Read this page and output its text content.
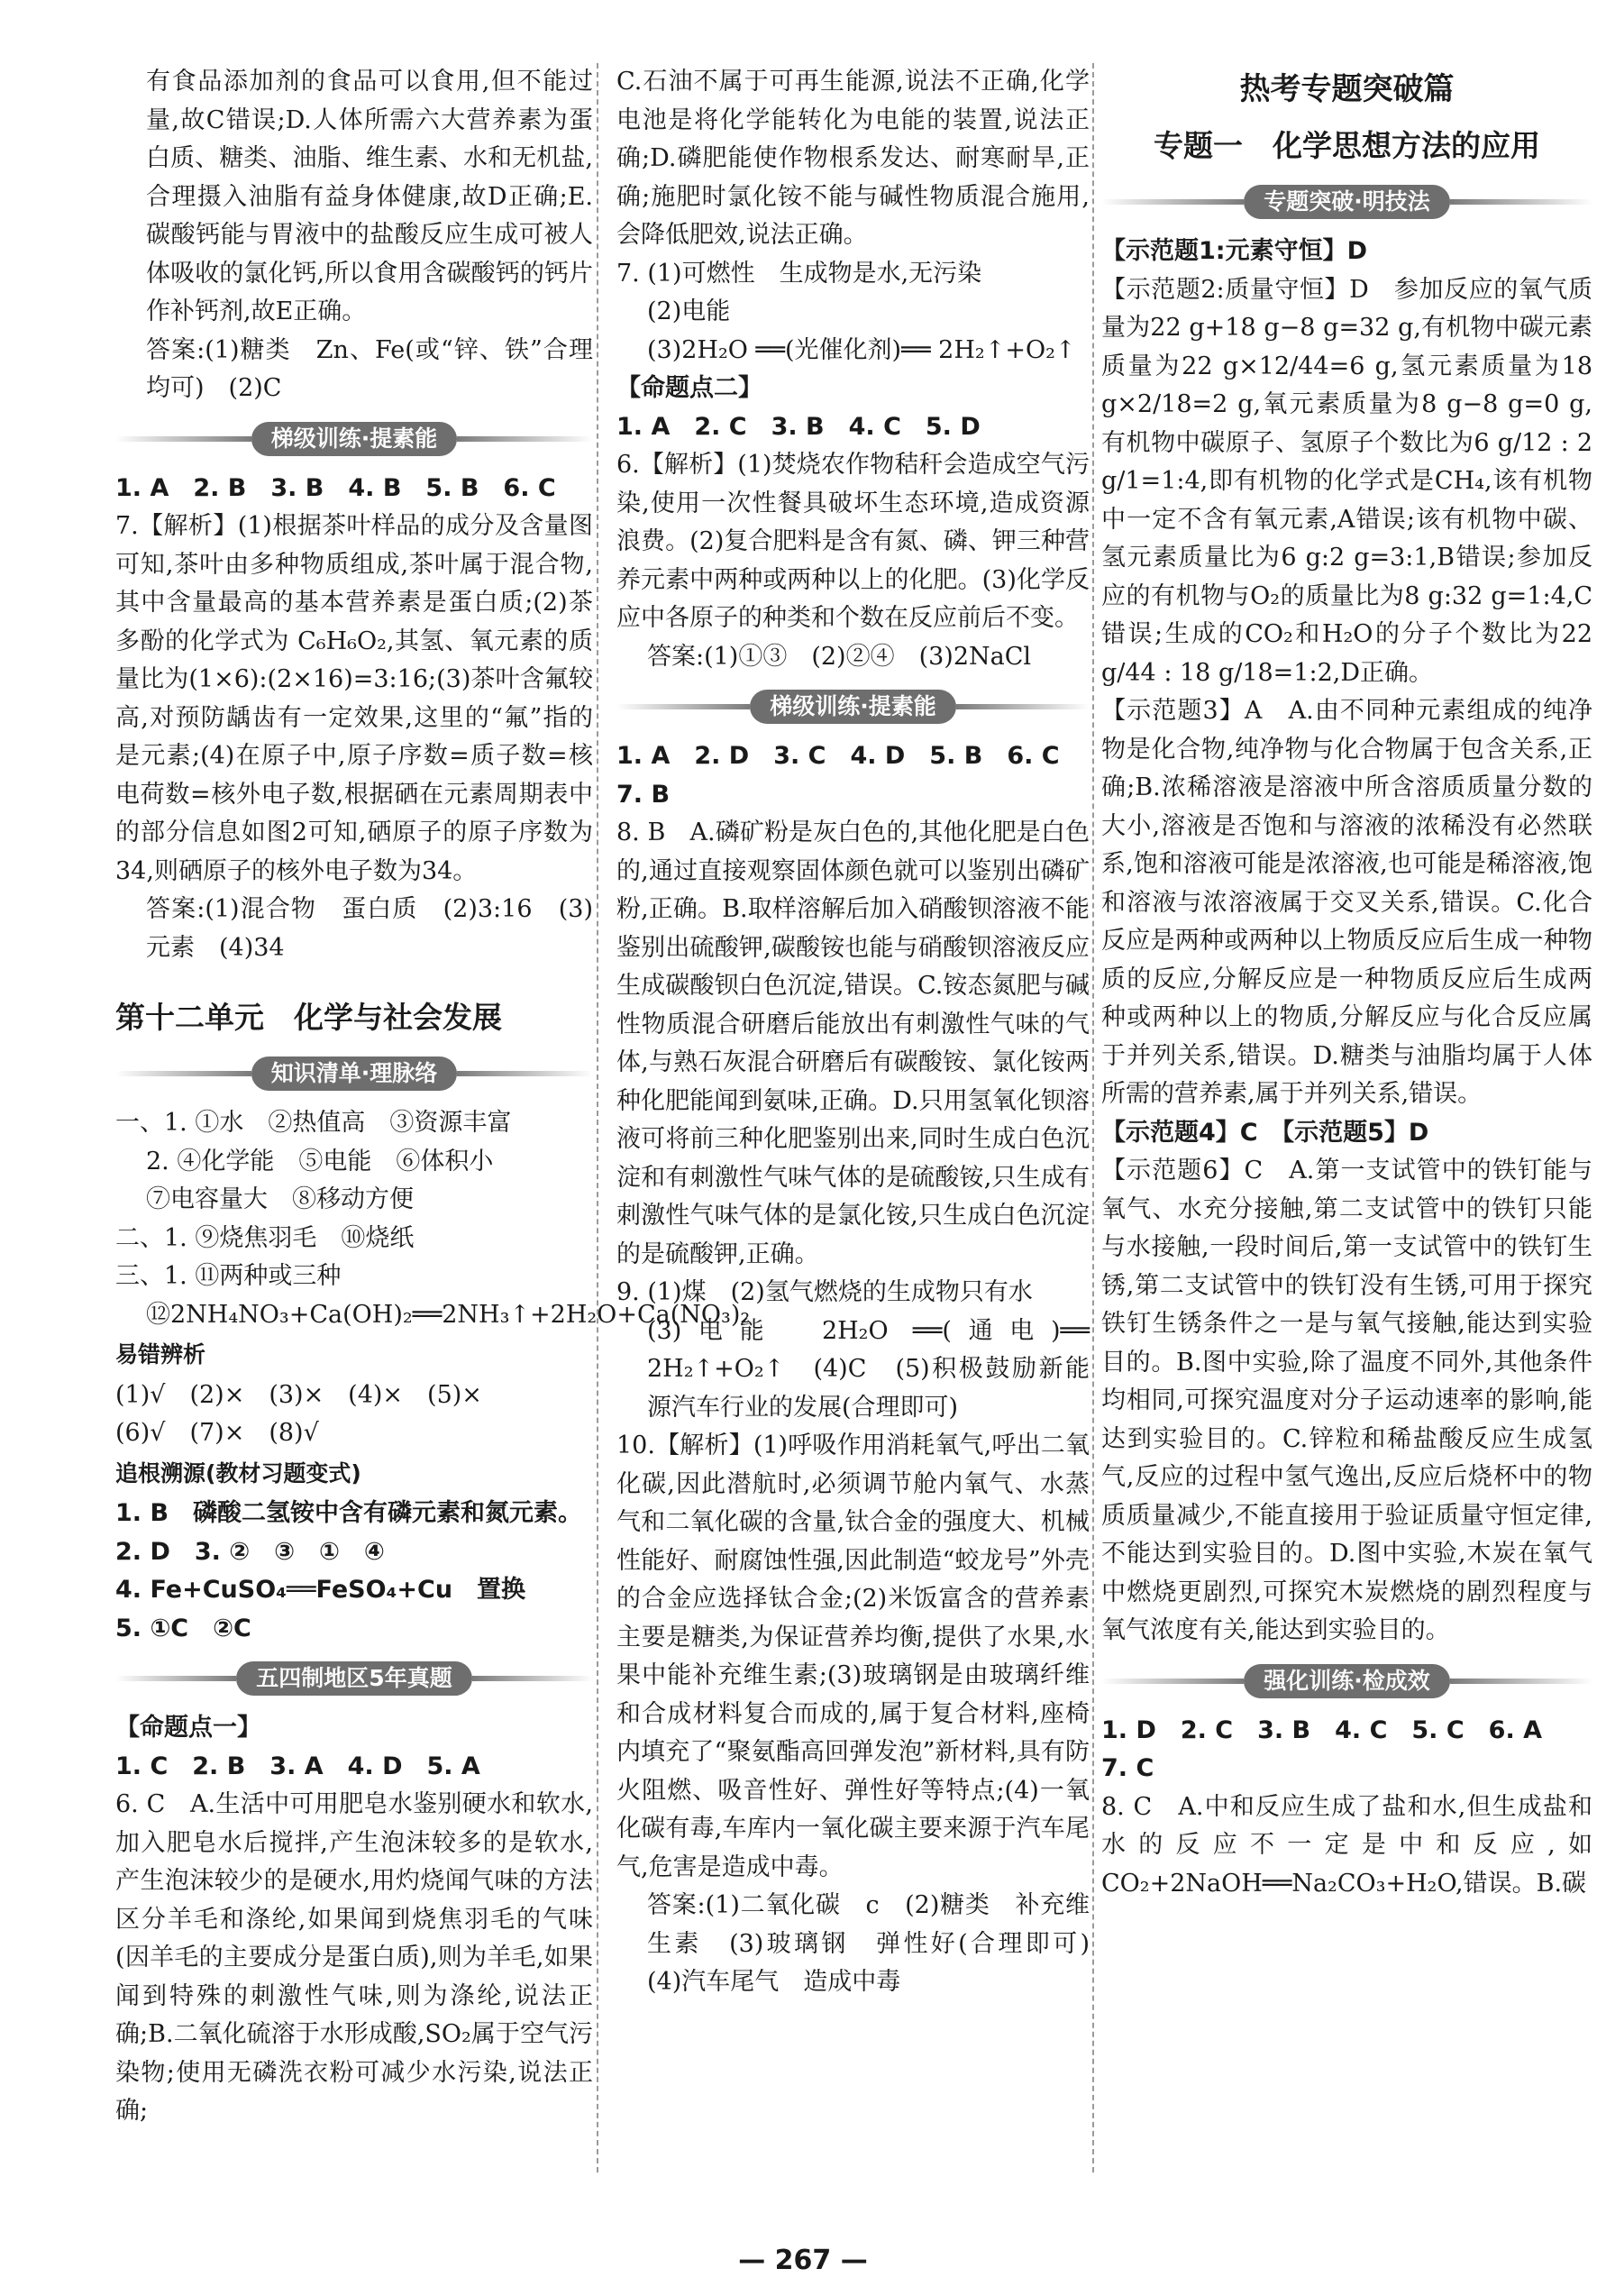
有食品添加剂的食品可以食用,但不能过量,故C错误;D.人体所需六大营养素为蛋白质、糖类、油脂、维生素、水和无机盐,合理摄入油脂有益身体健康,故D正确;E.碳酸钙能与胃液中的盐酸反应生成可被人体吸收的氯化钙,所以食用含碳酸钙的钙片作补钙剂,故E正确。

答案:(1)糖类　Zn、Fe(或“锌、铁”合理均可)　(2)C

梯级训练·提素能

1. A　2. B　3. B　4. B　5. B　6. C

7.【解析】(1)根据茶叶样品的成分及含量图可知,茶叶由多种物质组成,茶叶属于混合物,其中含量最高的基本营养素是蛋白质;(2)茶多酚的化学式为 C₆H₆O₂,其氢、氧元素的质量比为(1×6):(2×16)=3:16;(3)茶叶含氟较高,对预防龋齿有一定效果,这里的“氟”指的是元素;(4)在原子中,原子序数=质子数=核电荷数=核外电子数,根据硒在元素周期表中的部分信息如图2可知,硒原子的原子序数为34,则硒原子的核外电子数为34。

答案:(1)混合物　蛋白质　(2)3:16　(3)元素　(4)34

第十二单元　化学与社会发展
知识清单·理脉络

一、1. ①水　②热值高　③资源丰富

2. ④化学能　⑤电能　⑥体积小

⑦电容量大　⑧移动方便

二、1. ⑨烧焦羽毛　⑩烧纸

三、1. ⑪两种或三种

⑫2NH₄NO₃+Ca(OH)₂══2NH₃↑+2H₂O+Ca(NO₃)₂

易错辨析

(1)√　(2)×　(3)×　(4)×　(5)×

(6)√　(7)×　(8)√

追根溯源(教材习题变式)

1. B　磷酸二氢铵中含有磷元素和氮元素。

2. D　3. ②　③　①　④

4. Fe+CuSO₄══FeSO₄+Cu　置换

5. ①C　②C

五四制地区5年真题

【命题点一】

1. C　2. B　3. A　4. D　5. A

6. C　A.生活中可用肥皂水鉴别硬水和软水,加入肥皂水后搅拌,产生泡沫较多的是软水,产生泡沫较少的是硬水,用灼烧闻气味的方法区分羊毛和涤纶,如果闻到烧焦羽毛的气味(因羊毛的主要成分是蛋白质),则为羊毛,如果闻到特殊的刺激性气味,则为涤纶,说法正确;B.二氧化硫溶于水形成酸,SO₂属于空气污染物;使用无磷洗衣粉可减少水污染,说法正确;

C.石油不属于可再生能源,说法不正确,化学电池是将化学能转化为电能的装置,说法正确;D.磷肥能使作物根系发达、耐寒耐旱,正确;施肥时氯化铵不能与碱性物质混合施用,会降低肥效,说法正确。

7. (1)可燃性　生成物是水,无污染

(2)电能

(3)2H₂O ══(光催化剂)══ 2H₂↑+O₂↑

【命题点二】

1. A　2. C　3. B　4. C　5. D

6.【解析】(1)焚烧农作物秸秆会造成空气污染,使用一次性餐具破坏生态环境,造成资源浪费。(2)复合肥料是含有氮、磷、钾三种营养元素中两种或两种以上的化肥。(3)化学反应中各原子的种类和个数在反应前后不变。

答案:(1)①③　(2)②④　(3)2NaCl

梯级训练·提素能

1. A　2. D　3. C　4. D　5. B　6. C

7. B

8. B　A.磷矿粉是灰白色的,其他化肥是白色的,通过直接观察固体颜色就可以鉴别出磷矿粉,正确。B.取样溶解后加入硝酸钡溶液不能鉴别出硫酸钾,碳酸铵也能与硝酸钡溶液反应生成碳酸钡白色沉淀,错误。C.铵态氮肥与碱性物质混合研磨后能放出有刺激性气味的气体,与熟石灰混合研磨后有碳酸铵、氯化铵两种化肥能闻到氨味,正确。D.只用氢氧化钡溶液可将前三种化肥鉴别出来,同时生成白色沉淀和有刺激性气味气体的是硫酸铵,只生成有刺激性气味气体的是氯化铵,只生成白色沉淀的是硫酸钾,正确。

9. (1)煤　(2)氢气燃烧的生成物只有水

(3)电能　2H₂O ══(通电)══ 2H₂↑+O₂↑　(4)C　(5)积极鼓励新能源汽车行业的发展(合理即可)

10.【解析】(1)呼吸作用消耗氧气,呼出二氧化碳,因此潜航时,必须调节舱内氧气、水蒸气和二氧化碳的含量,钛合金的强度大、机械性能好、耐腐蚀性强,因此制造“蛟龙号”外壳的合金应选择钛合金;(2)米饭富含的营养素主要是糖类,为保证营养均衡,提供了水果,水果中能补充维生素;(3)玻璃钢是由玻璃纤维和合成材料复合而成的,属于复合材料,座椅内填充了“聚氨酯高回弹发泡”新材料,具有防火阻燃、吸音性好、弹性好等特点;(4)一氧化碳有毒,车库内一氧化碳主要来源于汽车尾气,危害是造成中毒。

答案:(1)二氧化碳　c　(2)糖类　补充维生素　(3)玻璃钢　弹性好(合理即可)　(4)汽车尾气　造成中毒

热考专题突破篇
专题一　化学思想方法的应用
专题突破·明技法

【示范题1:元素守恒】D

【示范题2:质量守恒】D　参加反应的氧气质量为22 g+18 g−8 g=32 g,有机物中碳元素质量为22 g×12/44=6 g,氢元素质量为18 g×2/18=2 g,氧元素质量为8 g−8 g=0 g,有机物中碳原子、氢原子个数比为6 g/12 : 2 g/1=1:4,即有机物的化学式是CH₄,该有机物中一定不含有氧元素,A错误;该有机物中碳、氢元素质量比为6 g:2 g=3:1,B错误;参加反应的有机物与O₂的质量比为8 g:32 g=1:4,C错误;生成的CO₂和H₂O的分子个数比为22 g/44 : 18 g/18=1:2,D正确。

【示范题3】A　A.由不同种元素组成的纯净物是化合物,纯净物与化合物属于包含关系,正确;B.浓稀溶液是溶液中所含溶质质量分数的大小,溶液是否饱和与溶液的浓稀没有必然联系,饱和溶液可能是浓溶液,也可能是稀溶液,饱和溶液与浓溶液属于交叉关系,错误。C.化合反应是两种或两种以上物质反应后生成一种物质的反应,分解反应是一种物质反应后生成两种或两种以上的物质,分解反应与化合反应属于并列关系,错误。D.糖类与油脂均属于人体所需的营养素,属于并列关系,错误。

【示范题4】C　【示范题5】D

【示范题6】C　A.第一支试管中的铁钉能与氧气、水充分接触,第二支试管中的铁钉只能与水接触,一段时间后,第一支试管中的铁钉生锈,第二支试管中的铁钉没有生锈,可用于探究铁钉生锈条件之一是与氧气接触,能达到实验目的。B.图中实验,除了温度不同外,其他条件均相同,可探究温度对分子运动速率的影响,能达到实验目的。C.锌粒和稀盐酸反应生成氢气,反应的过程中氢气逸出,反应后烧杯中的物质质量减少,不能直接用于验证质量守恒定律,不能达到实验目的。D.图中实验,木炭在氧气中燃烧更剧烈,可探究木炭燃烧的剧烈程度与氧气浓度有关,能达到实验目的。

强化训练·检成效

1. D　2. C　3. B　4. C　5. C　6. A

7. C

8. C　A.中和反应生成了盐和水,但生成盐和水的反应不一定是中和反应,如CO₂+2NaOH══Na₂CO₃+H₂O,错误。B.碳

— 267 —
